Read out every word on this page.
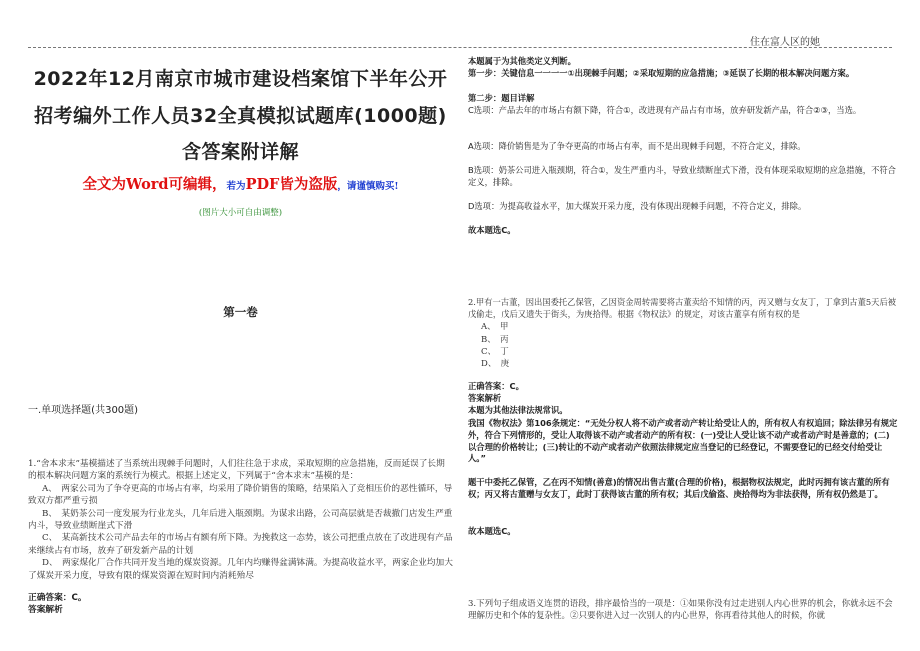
住在富人区的她
2022年12月南京市城市建设档案馆下半年公开
招考编外工作人员32全真模拟试题库(1000题)
含答案附详解
全文为Word可编辑，若为PDF皆为盗版，请谨慎购买!
(图片大小可自由调整)
第一卷
一.单项选择题(共300题)

1.“舍本求末”基模描述了当系统出现棘手问题时，人们往往急于求成，采取短期的应急措施，反而延误了长期的根本解决问题方案的系统行为模式。根据上述定义，下列属于“舍本求末”基模的是：

A、　两家公司为了争夺更高的市场占有率，均采用了降价销售的策略，结果陷入了竞相压价的恶性循环，导致双方都严重亏损

B、　某奶茶公司一度发展为行业龙头，几年后进入瓶颈期。为谋求出路，公司高层就是否裁撤门店发生严重内斗，导致业绩断崖式下滑

C、　某高新技术公司产品去年的市场占有额有所下降。为挽救这一态势，该公司把重点放在了改进现有产品来继续占有市场，放弃了研发新产品的计划

D、　两家煤化厂合作共同开发当地的煤炭资源。几年内均赚得盆满钵满。为提高收益水平，两家企业均加大了煤炭开采力度，导致有限的煤炭资源在短时间内消耗殆尽

正确答案：C。
答案解析

本题属于为其他类定义判断。

第一步：关键信息一一一一①出现棘手问题；②采取短期的应急措施；③延误了长期的根本解决问题方案。

第二步：题目详解

C选项：产品去年的市场占有额下降，符合①，改进现有产品占有市场，放弃研发新产品，符合②③，当选。

A选项：降价销售是为了争夺更高的市场占有率，而不是出现棘手问题，不符合定义，排除。

B选项：奶茶公司进入瓶颈期，符合①，发生严重内斗，导致业绩断崖式下滑，没有体现采取短期的应急措施，不符合定义，排除。

D选项：为提高收益水平，加大煤炭开采力度，没有体现出现棘手问题，不符合定义，排除。

故本题选C。

2.甲有一古董，因出国委托乙保管，乙因资金周转需要将古董卖给不知情的丙，丙又赠与女友丁，丁拿到古董5天后被戊偷走，戊后又遗失于街头，为庚拾得。根据《物权法》的规定，对该古董享有所有权的是

A、　甲
B、　丙
C、　丁
D、　庚

正确答案：C。

答案解析

本题为其他法律法规常识。

我国《物权法》第106条规定：“无处分权人将不动产或者动产转让给受让人的，所有权人有权追回；除法律另有规定外，符合下列情形的，受让人取得该不动产或者动产的所有权：(一)受让人受让该不动产或者动产时是善意的；(二)以合理的价格转让；(三)转让的不动产或者动产依照法律规定应当登记的已经登记，不需要登记的已经交付给受让人。”

题干中委托乙保管，乙在丙不知情(善意)的情况出售古董(合理的价格)，根据物权法规定，此时丙拥有该古董的所有权；丙又将古董赠与女友丁，此时丁获得该古董的所有权；其后戊偷盗、庚拾得均为非法获得，所有权仍然是丁。

故本题选C。

3.下列句子组成语义连贯的语段，排序最恰当的一项是：①如果你没有过走进别人内心世界的机会，你就永远不会理解历史和个体的复杂性。②只要你进入过一次别人的内心世界，你再看待其他人的时候，你就
